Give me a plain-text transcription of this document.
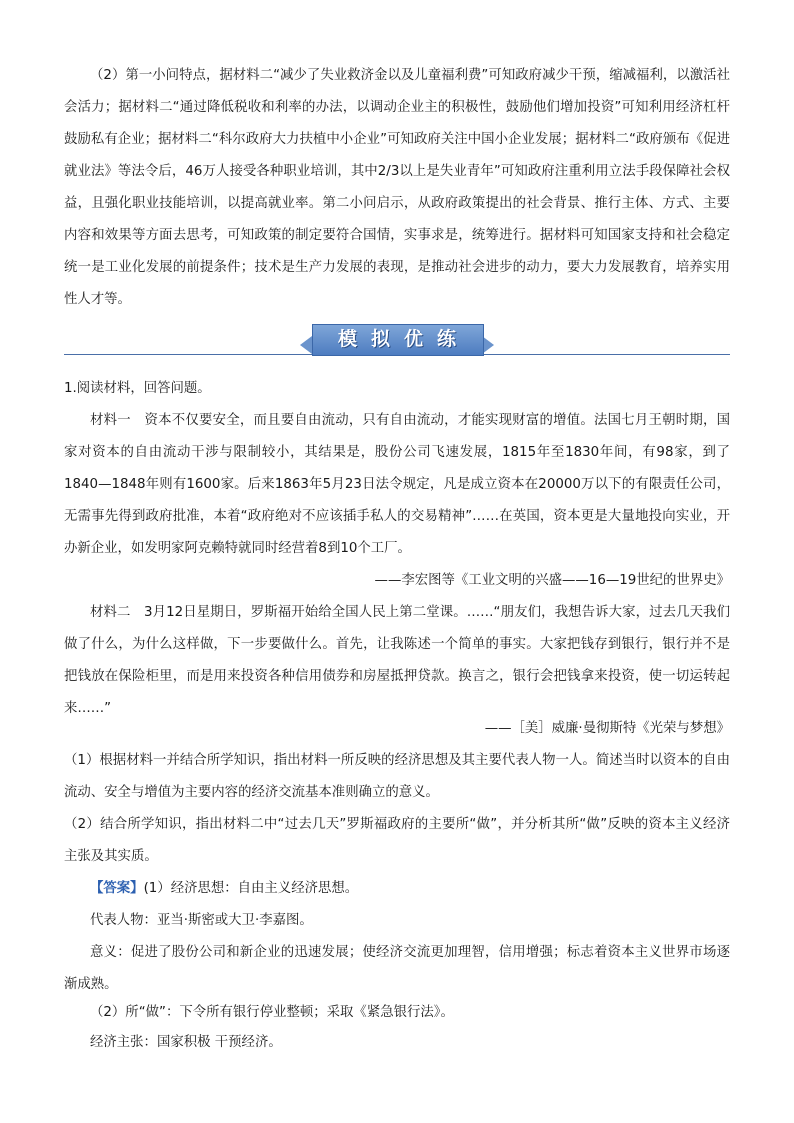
（2）第一小问特点，据材料二“减少了失业救济金以及儿童福利费”可知政府减少干预，缩减福利，以激活社会活力；据材料二“通过降低税收和利率的办法，以调动企业主的积极性，鼓励他们增加投资”可知利用经济杠杆鼓励私有企业；据材料二“科尔政府大力扶植中小企业”可知政府关注中国小企业发展；据材料二“政府颁布《促进就业法》等法令后，46万人接受各种职业培训，其中2/3以上是失业青年”可知政府注重利用立法手段保障社会权益，且强化职业技能培训，以提高就业率。第二小问启示，从政府政策提出的社会背景、推行主体、方式、主要内容和效果等方面去思考，可知政策的制定要符合国情，实事求是，统筹进行。据材料可知国家支持和社会稳定统一是工业化发展的前提条件；技术是生产力发展的表现，是推动社会进步的动力，要大力发展教育，培养实用性人才等。

模拟优练

1.阅读材料，回答问题。

材料一　资本不仅要安全，而且要自由流动，只有自由流动，才能实现财富的增值。法国七月王朝时期，国家对资本的自由流动干涉与限制较小，其结果是，股份公司飞速发展，1815年至1830年间，有98家，到了1840—1848年则有1600家。后来1863年5月23日法令规定，凡是成立资本在20000万以下的有限责任公司，无需事先得到政府批准，本着“政府绝对不应该插手私人的交易精神”……在英国，资本更是大量地投向实业，开办新企业，如发明家阿克赖特就同时经营着8到10个工厂。

——李宏图等《工业文明的兴盛——16—19世纪的世界史》

材料二　3月12日星期日，罗斯福开始给全国人民上第二堂课。……“朋友们，我想告诉大家，过去几天我们做了什么，为什么这样做，下一步要做什么。首先，让我陈述一个简单的事实。大家把钱存到银行，银行并不是把钱放在保险柜里，而是用来投资各种信用债券和房屋抵押贷款。换言之，银行会把钱拿来投资，使一切运转起来……”

——［美］威廉·曼彻斯特《光荣与梦想》

（1）根据材料一并结合所学知识，指出材料一所反映的经济思想及其主要代表人物一人。简述当时以资本的自由流动、安全与增值为主要内容的经济交流基本准则确立的意义。

（2）结合所学知识，指出材料二中“过去几天”罗斯福政府的主要所“做”，并分析其所“做”反映的资本主义经济主张及其实质。

【答案】(1）经济思想：自由主义经济思想。

代表人物：亚当·斯密或大卫·李嘉图。

意义：促进了股份公司和新企业的迅速发展；使经济交流更加理智，信用增强；标志着资本主义世界市场逐渐成熟。

（2）所“做”：下令所有银行停业整顿；采取《紧急银行法》。

经济主张：国家积极 干预经济。
